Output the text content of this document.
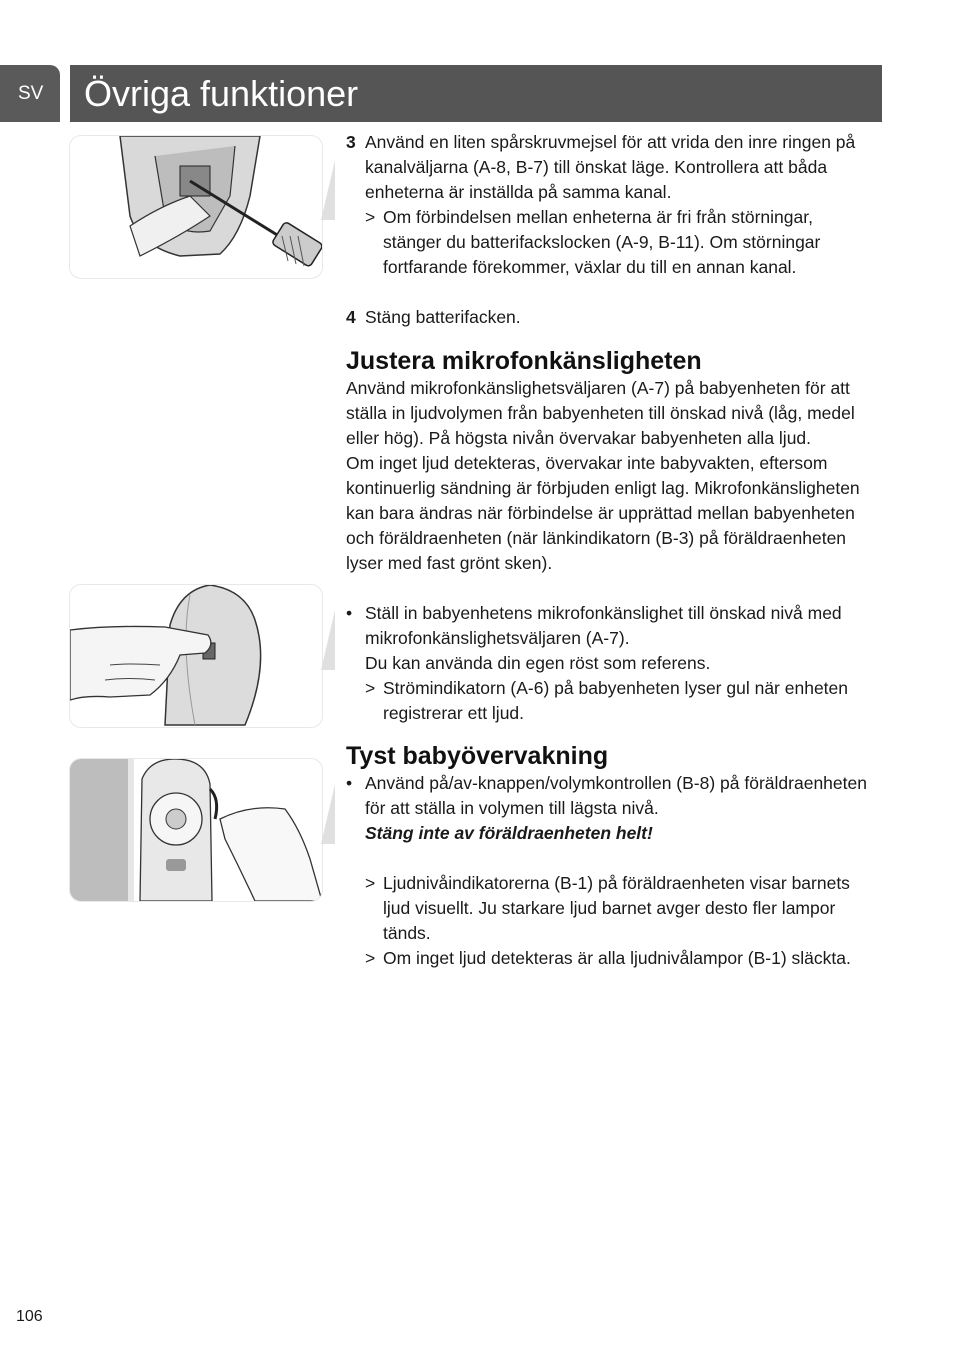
SV	Övriga funktioner
3 Använd en liten spårskruvmejsel för att vrida den inre ringen på kanalväljarna (A-8, B-7) till önskat läge. Kontrollera att båda enheterna är inställda på samma kanal.
> Om förbindelsen mellan enheterna är fri från störningar, stänger du batterifackslocken (A-9, B-11). Om störningar fortfarande förekommer, växlar du till en annan kanal.
4 Stäng batterifacken.
Justera mikrofonkänsligheten

Använd mikrofonkänslighetsväljaren (A-7) på babyenheten för att ställa in ljudvolymen från babyenheten till önskad nivå (låg, medel eller hög). På högsta nivån övervakar babyenheten alla ljud.

Om inget ljud detekteras, övervakar inte babyvakten, eftersom kontinuerlig sändning är förbjuden enligt lag. Mikrofonkänsligheten kan bara ändras när förbindelse är upprättad mellan babyenheten och föräldraenheten (när länkindikatorn (B-3) på föräldraenheten lyser med fast grönt sken).

• Ställ in babyenhetens mikrofonkänslighet till önskad nivå med mikrofonkänslighetsväljaren (A-7).

Du kan använda din egen röst som referens.

> Strömindikatorn (A-6) på babyenheten lyser gul när enheten registrerar ett ljud.
Tyst babyövervakning
• Använd på/av-knappen/volymkontrollen (B-8) på föräldraenheten för att ställa in volymen till lägsta nivå.

Stäng inte av föräldraenheten helt!

> Ljudnivåindikatorerna (B-1) på föräldraenheten visar barnets ljud visuellt. Ju starkare ljud barnet avger desto fler lampor tänds.
> Om inget ljud detekteras är alla ljudnivålampor (B-1) släckta.
106
